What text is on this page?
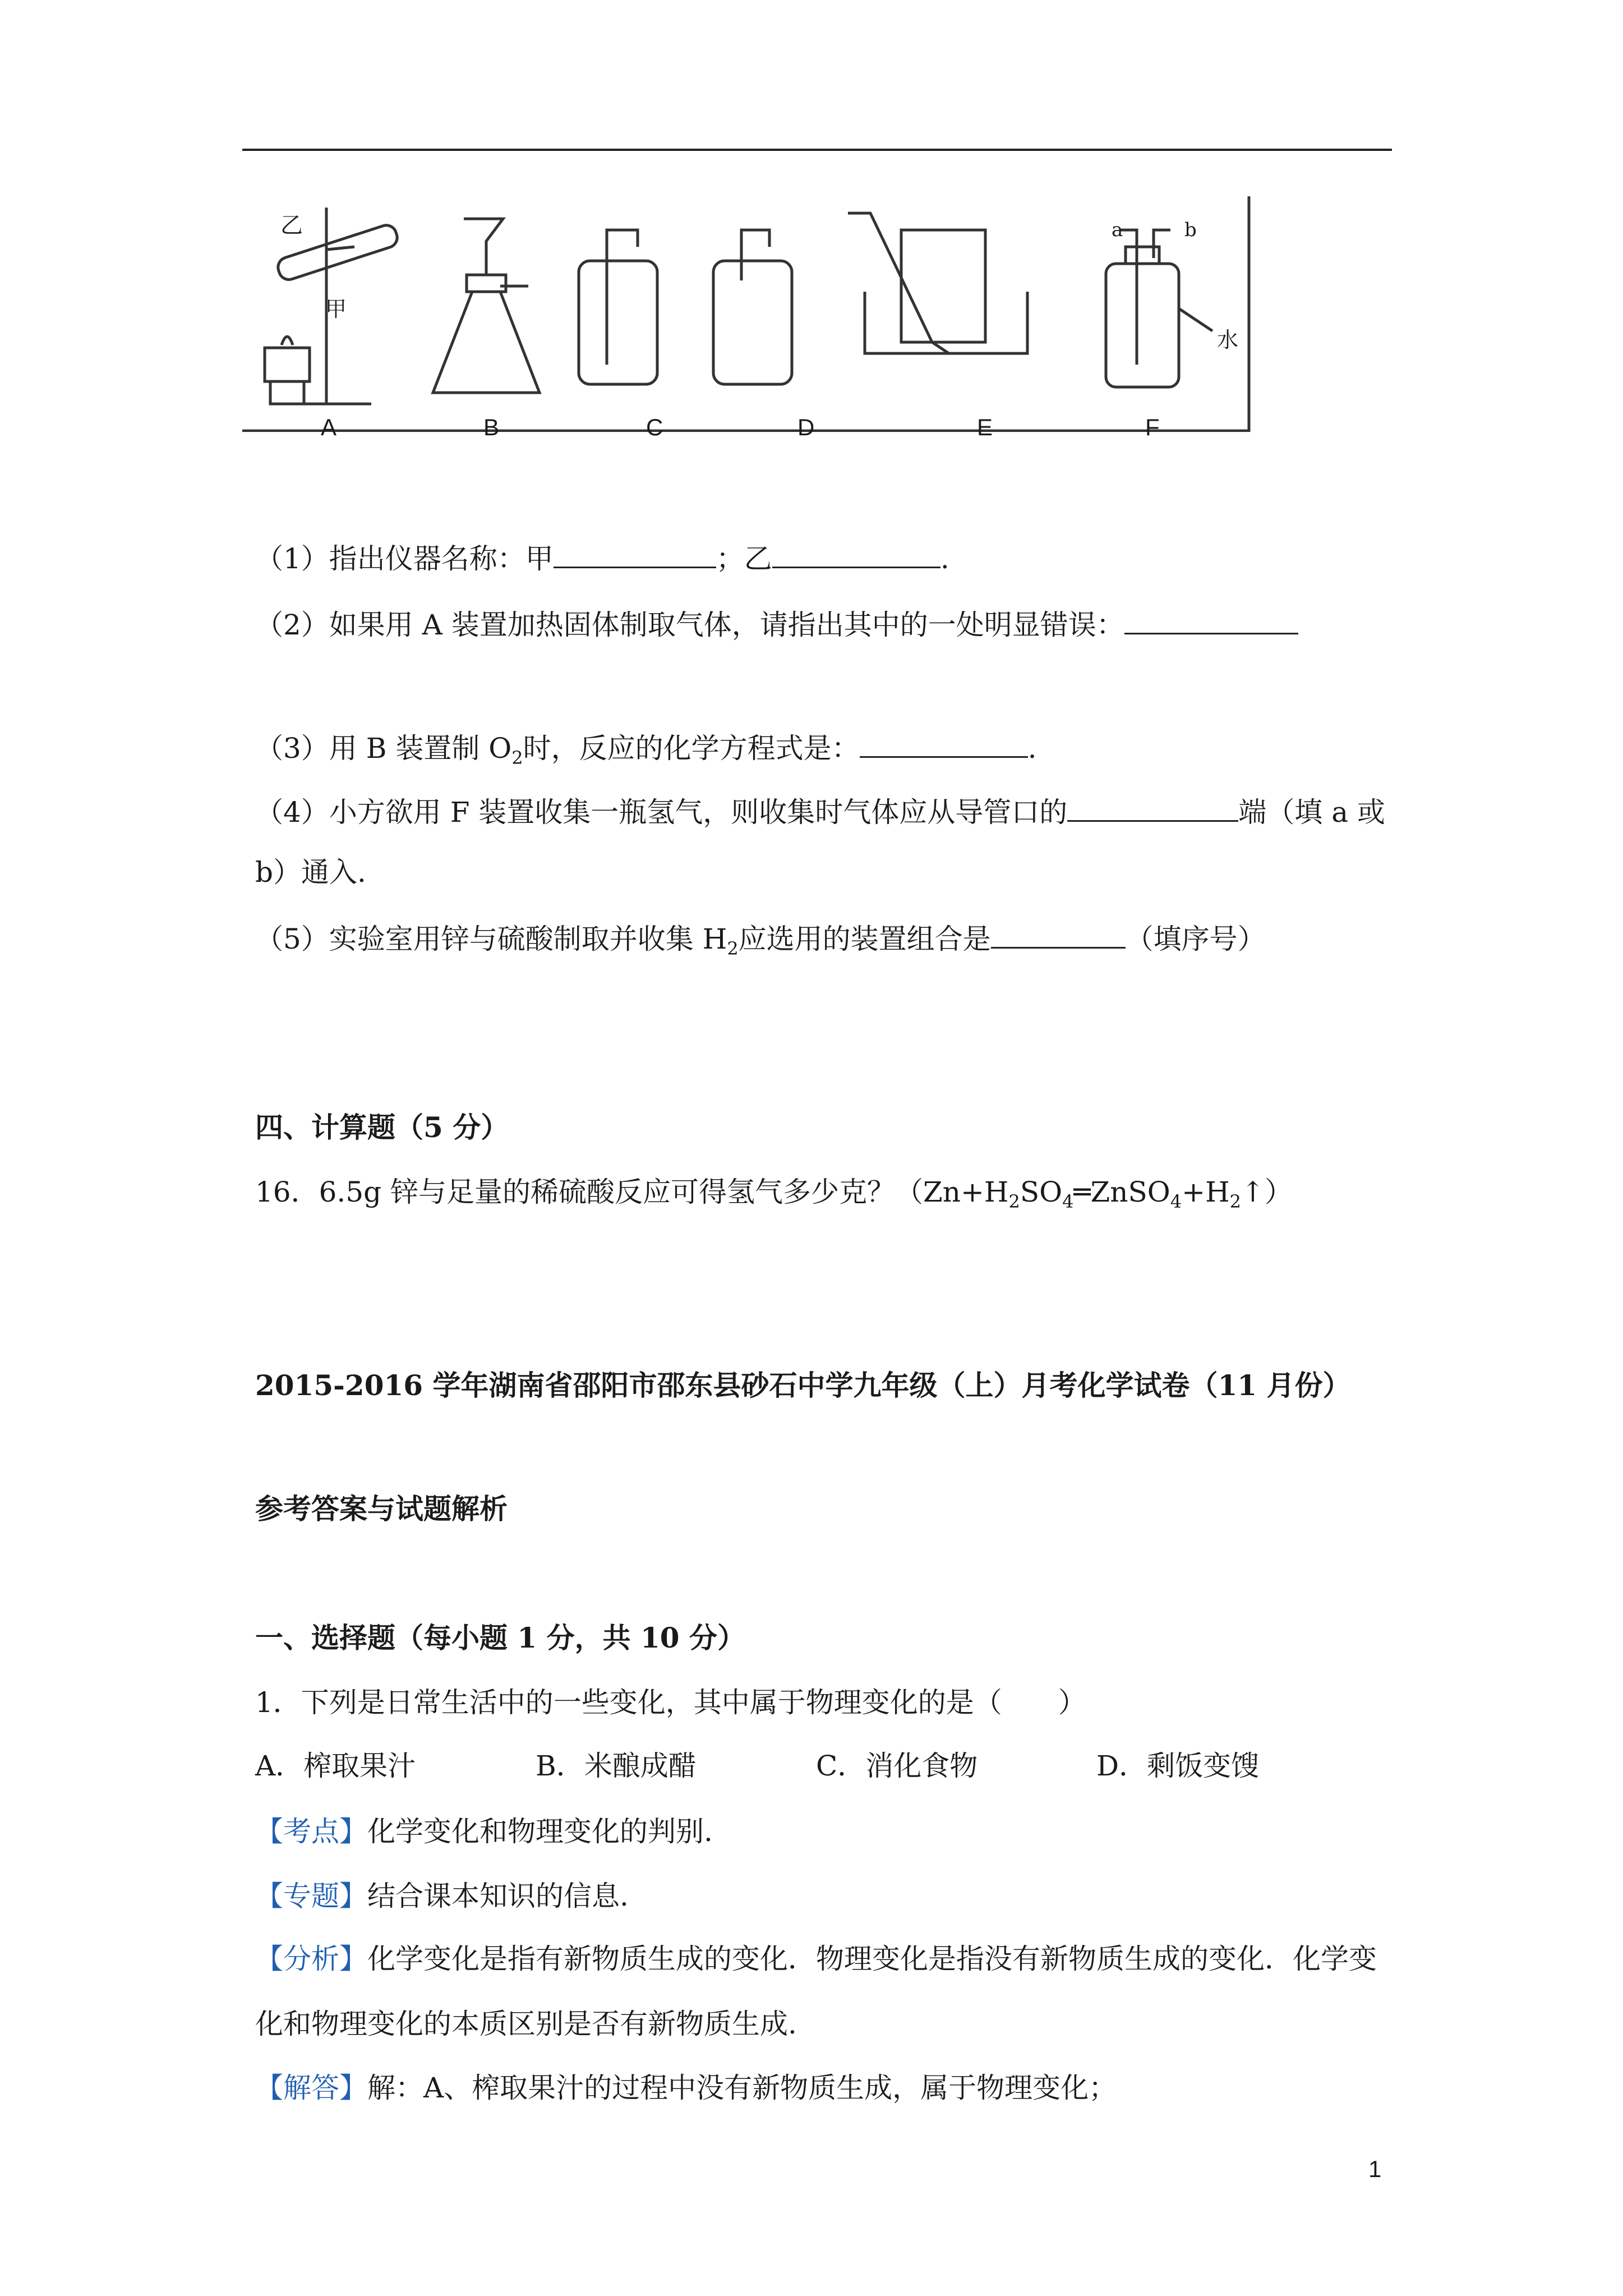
A	B	C	D	E	F
乙
甲
a	b
水
（1）指出仪器名称：甲	；乙	.
（2）如果用 A 装置加热固体制取气体，请指出其中的一处明显错误：
（3）用 B 装置制 $O_2$时，反应的化学方程式是：	.
（4）小方欲用 F 装置收集一瓶氢气，则收集时气体应从导管口的	端（填 a 或
b）通入.
（5）实验室用锌与硫酸制取并收集 $H_2$应选用的装置组合是	（填序号）
四、计算题（5 分）
16．6.5g 锌与足量的稀硫酸反应可得氢气多少克？$(Zn+H_2SO_4═ZnSO_4+H_2↑)$
2015-2016 学年湖南省邵阳市邵东县砂石中学九年级（上）月考化学试卷（11 月份）
参考答案与试题解析
一、选择题（每小题 1 分，共 10 分）
1．下列是日常生活中的一些变化，其中属于物理变化的是（　　）
A．榨取果汁	B．米酿成醋	C．消化食物	D．剩饭变馊
【考点】化学变化和物理变化的判别.
【专题】结合课本知识的信息.
【分析】化学变化是指有新物质生成的变化．物理变化是指没有新物质生成的变化．化学变
化和物理变化的本质区别是否有新物质生成.
【解答】解：A、榨取果汁的过程中没有新物质生成，属于物理变化；
1
